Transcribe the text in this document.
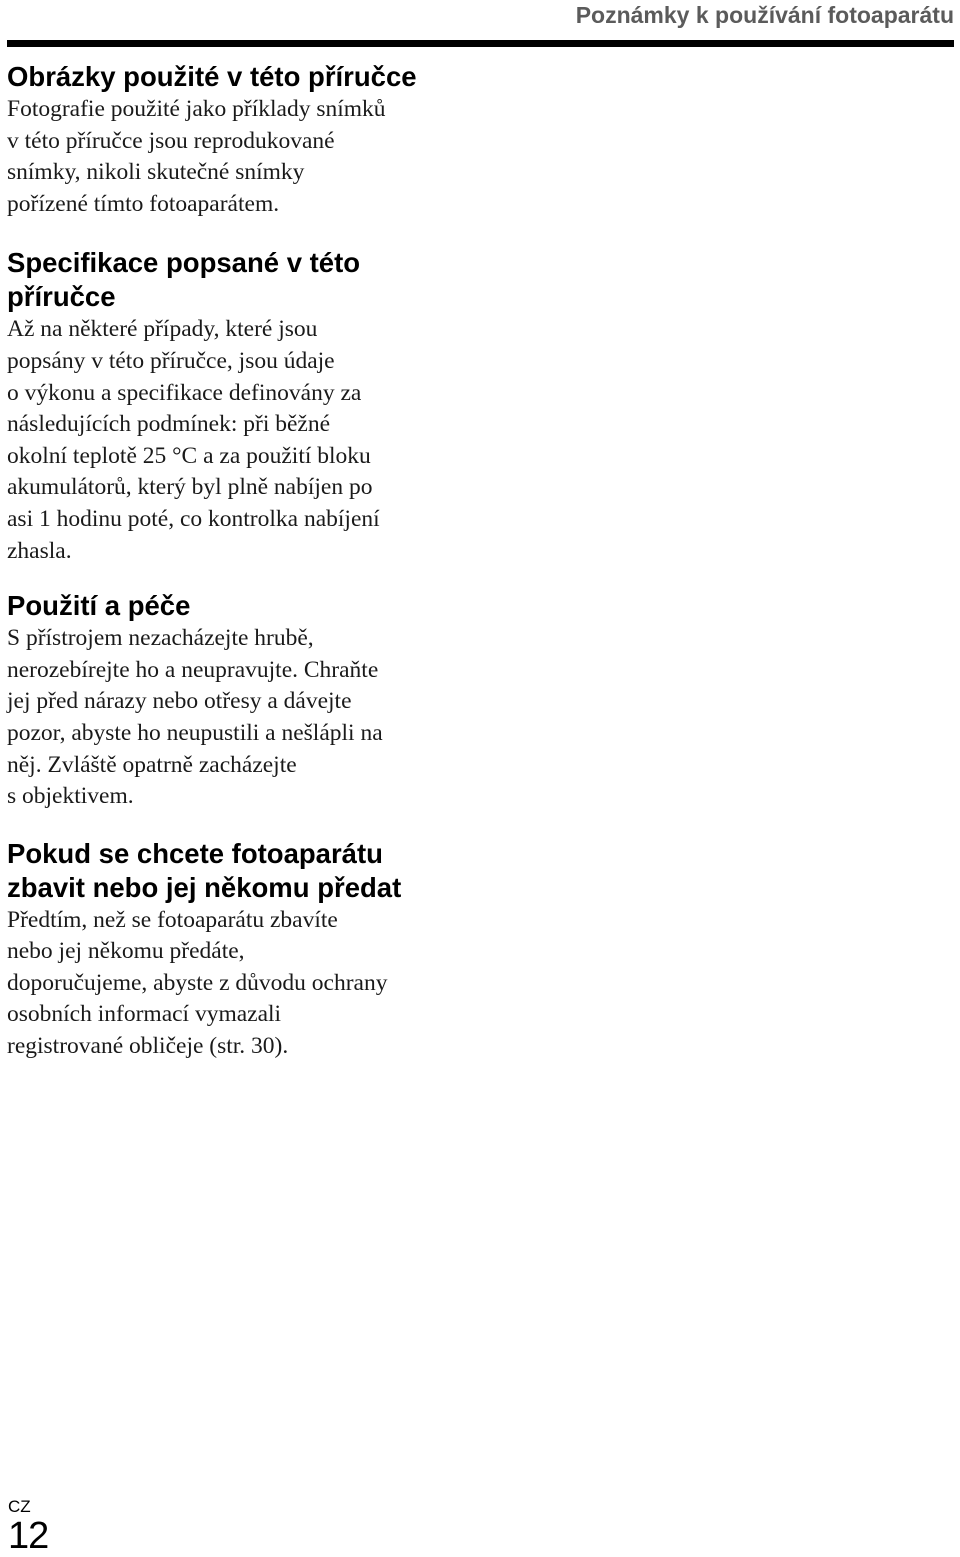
Poznámky k používání fotoaparátu
Obrázky použité v této příručce

Fotografie použité jako příklady snímků
v této příručce jsou reprodukované
snímky, nikoli skutečné snímky
pořízené tímto fotoaparátem.

Specifikace popsané v této
příručce

Až na některé případy, které jsou
popsány v této příručce, jsou údaje
o výkonu a specifikace definovány za
následujících podmínek: při běžné
okolní teplotě 25 °C a za použití bloku
akumulátorů, který byl plně nabíjen po
asi 1 hodinu poté, co kontrolka nabíjení
zhasla.

Použití a péče

S přístrojem nezacházejte hrubě,
nerozebírejte ho a neupravujte. Chraňte
jej před nárazy nebo otřesy a dávejte
pozor, abyste ho neupustili a nešlápli na
něj. Zvláště opatrně zacházejte
s objektivem.

Pokud se chcete fotoaparátu
zbavit nebo jej někomu předat

Předtím, než se fotoaparátu zbavíte
nebo jej někomu předáte,
doporučujeme, abyste z důvodu ochrany
osobních informací vymazali
registrované obličeje (str. 30).

CZ
12
